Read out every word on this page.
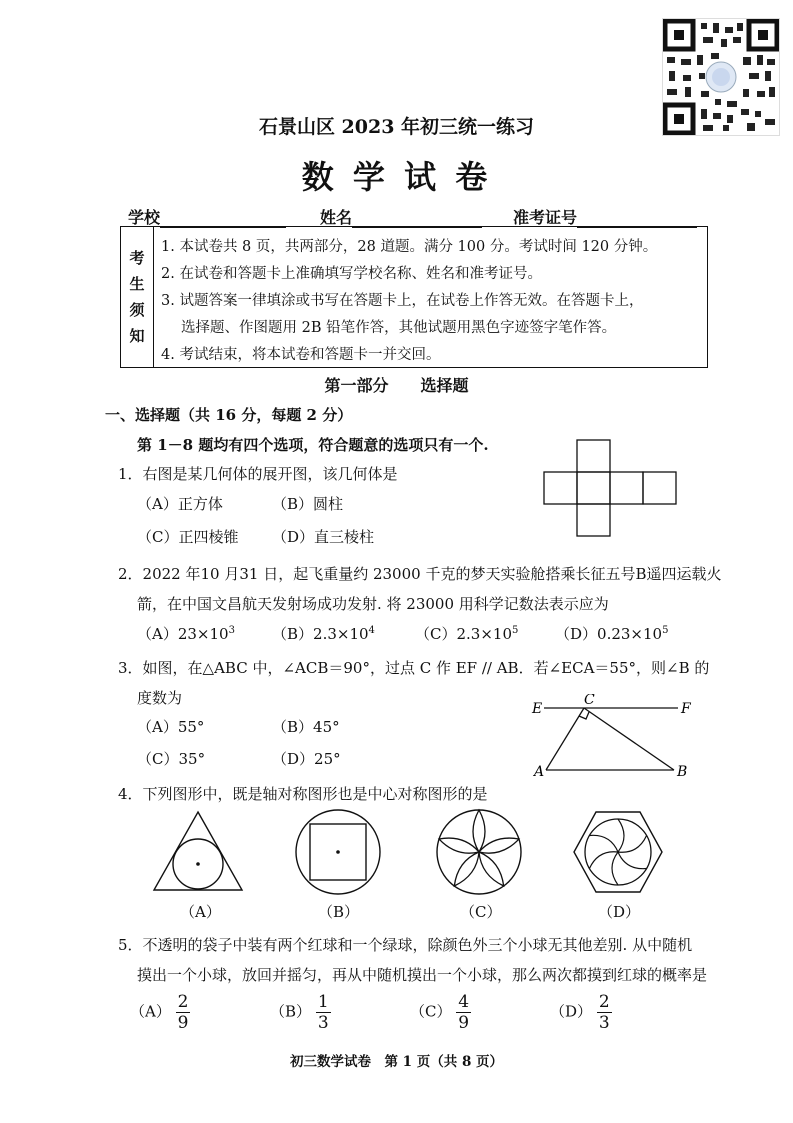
石景山区 2023 年初三统一练习
数 学 试 卷
学校	姓名	准考证号
考
生
须
知
1. 本试卷共 8 页，共两部分，28 道题。满分 100 分。考试时间 120 分钟。
2. 在试卷和答题卡上准确填写学校名称、姓名和准考证号。
3. 试题答案一律填涂或书写在答题卡上，在试卷上作答无效。在答题卡上，
选择题、作图题用 2B 铅笔作答，其他试题用黑色字迹签字笔作答。
4. 考试结束，将本试卷和答题卡一并交回。
第一部分　　选择题
一、选择题（共 16 分，每题 2 分）
第 1－8 题均有四个选项，符合题意的选项只有一个.
1．右图是某几何体的展开图，该几何体是
（A）正方体	（B）圆柱
（C）正四棱锥 （D）直三棱柱
2．2022 年10 月31 日，起飞重量约 23000 千克的梦天实验舱搭乘长征五号B遥四运载火
箭，在中国文昌航天发射场成功发射. 将 23000 用科学记数法表示应为
$(A)23\times 10^3$ $(B)2.3\times 10^4$	$(C)2.3\times 10^5$ $(D)0.23\times 10^5$
3．如图，在△ABC 中，∠ACB＝90°，过点 C 作 EF // AB．若∠ECA＝55°，则∠B 的
度数为
（A）55°	（B）45°
（C）35°	（D）25°
E
C
F
A	B
4．下列图形中，既是轴对称图形也是中心对称图形的是
（A）	（B）	（C）	（D）
5．不透明的袋子中装有两个红球和一个绿球，除颜色外三个小球无其他差别. 从中随机
摸出一个小球，放回并摇匀，再从中随机摸出一个小球，那么两次都摸到红球的概率是
$(A) \frac{2}{9}$	$(B) \frac{1}{3}$	$(C) \frac{4}{9}$	$(D) \frac{2}{3}$
初三数学试卷　第 1 页（共 8 页）
